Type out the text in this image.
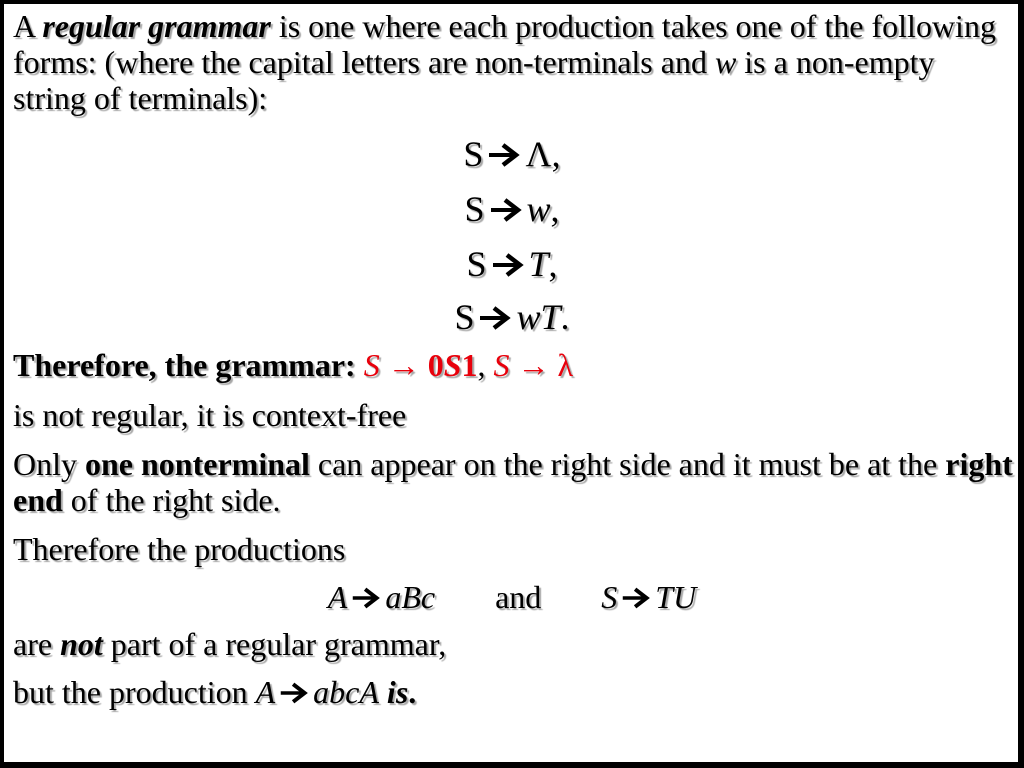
A regular grammar is one where each production takes one of the following forms: (where the capital letters are non-terminals and w is a non-empty string of terminals):
S Λ,
S w,
S T,
S wT.
Therefore, the grammar: S → 0S1, S → λ
is not regular, it is context-free
Only one nonterminal can appear on the right side and it must be at the right end of the right side.
Therefore the productions
A aBc and S TU
are not part of a regular grammar,
but the production A abcA is.
